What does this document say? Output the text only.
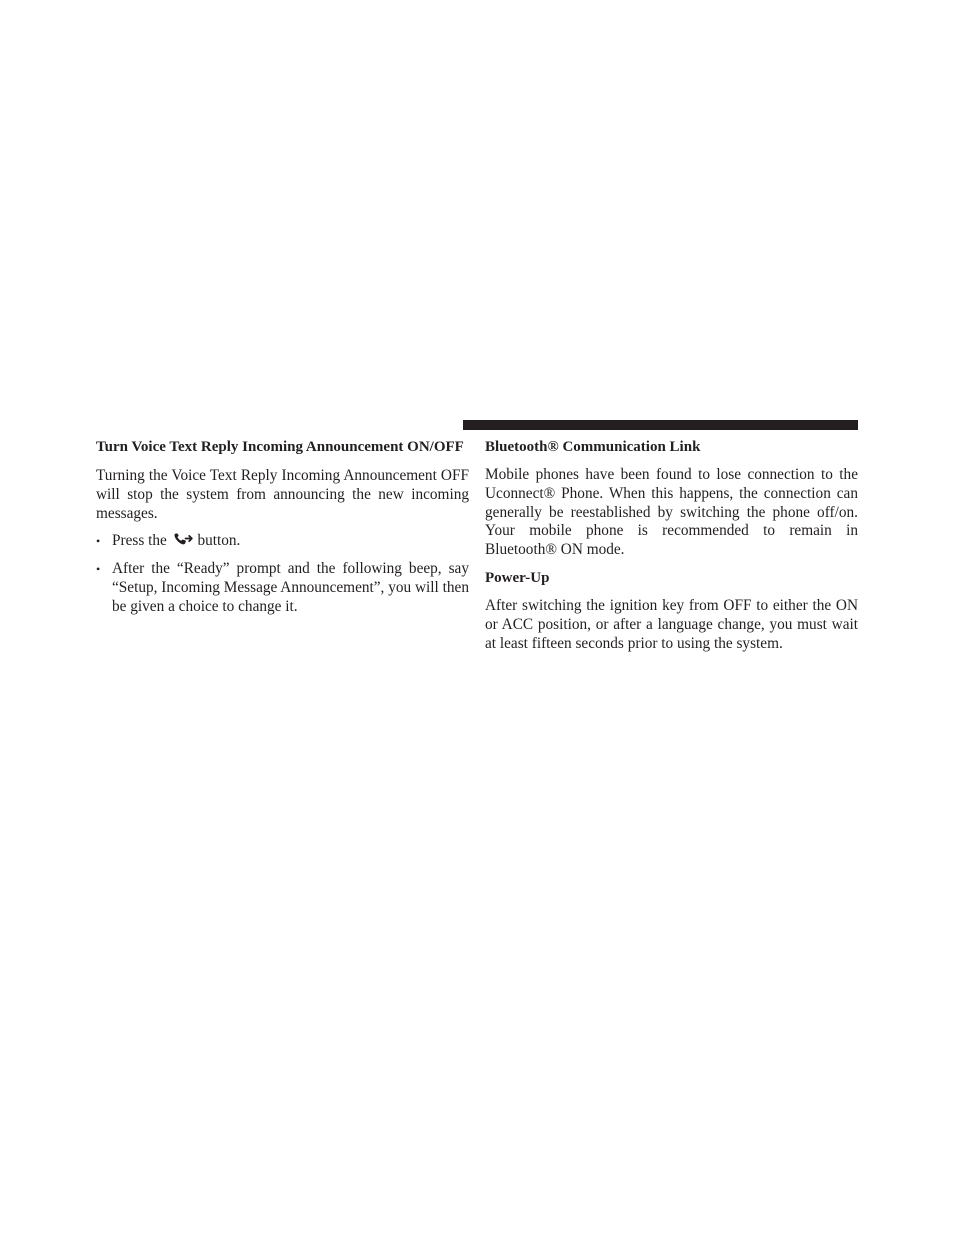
Turn Voice Text Reply Incoming Announcement ON/OFF

Turning the Voice Text Reply Incoming Announcement OFF will stop the system from announcing the new incoming messages.

• Press the button.
• After the “Ready” prompt and the following beep, say “Setup, Incoming Message Announcement”, you will then be given a choice to change it.

Bluetooth® Communication Link

Mobile phones have been found to lose connection to the Uconnect® Phone. When this happens, the connection can generally be reestablished by switching the phone off/on. Your mobile phone is recommended to remain in Bluetooth® ON mode.

Power-Up

After switching the ignition key from OFF to either the ON or ACC position, or after a language change, you must wait at least fifteen seconds prior to using the system.
